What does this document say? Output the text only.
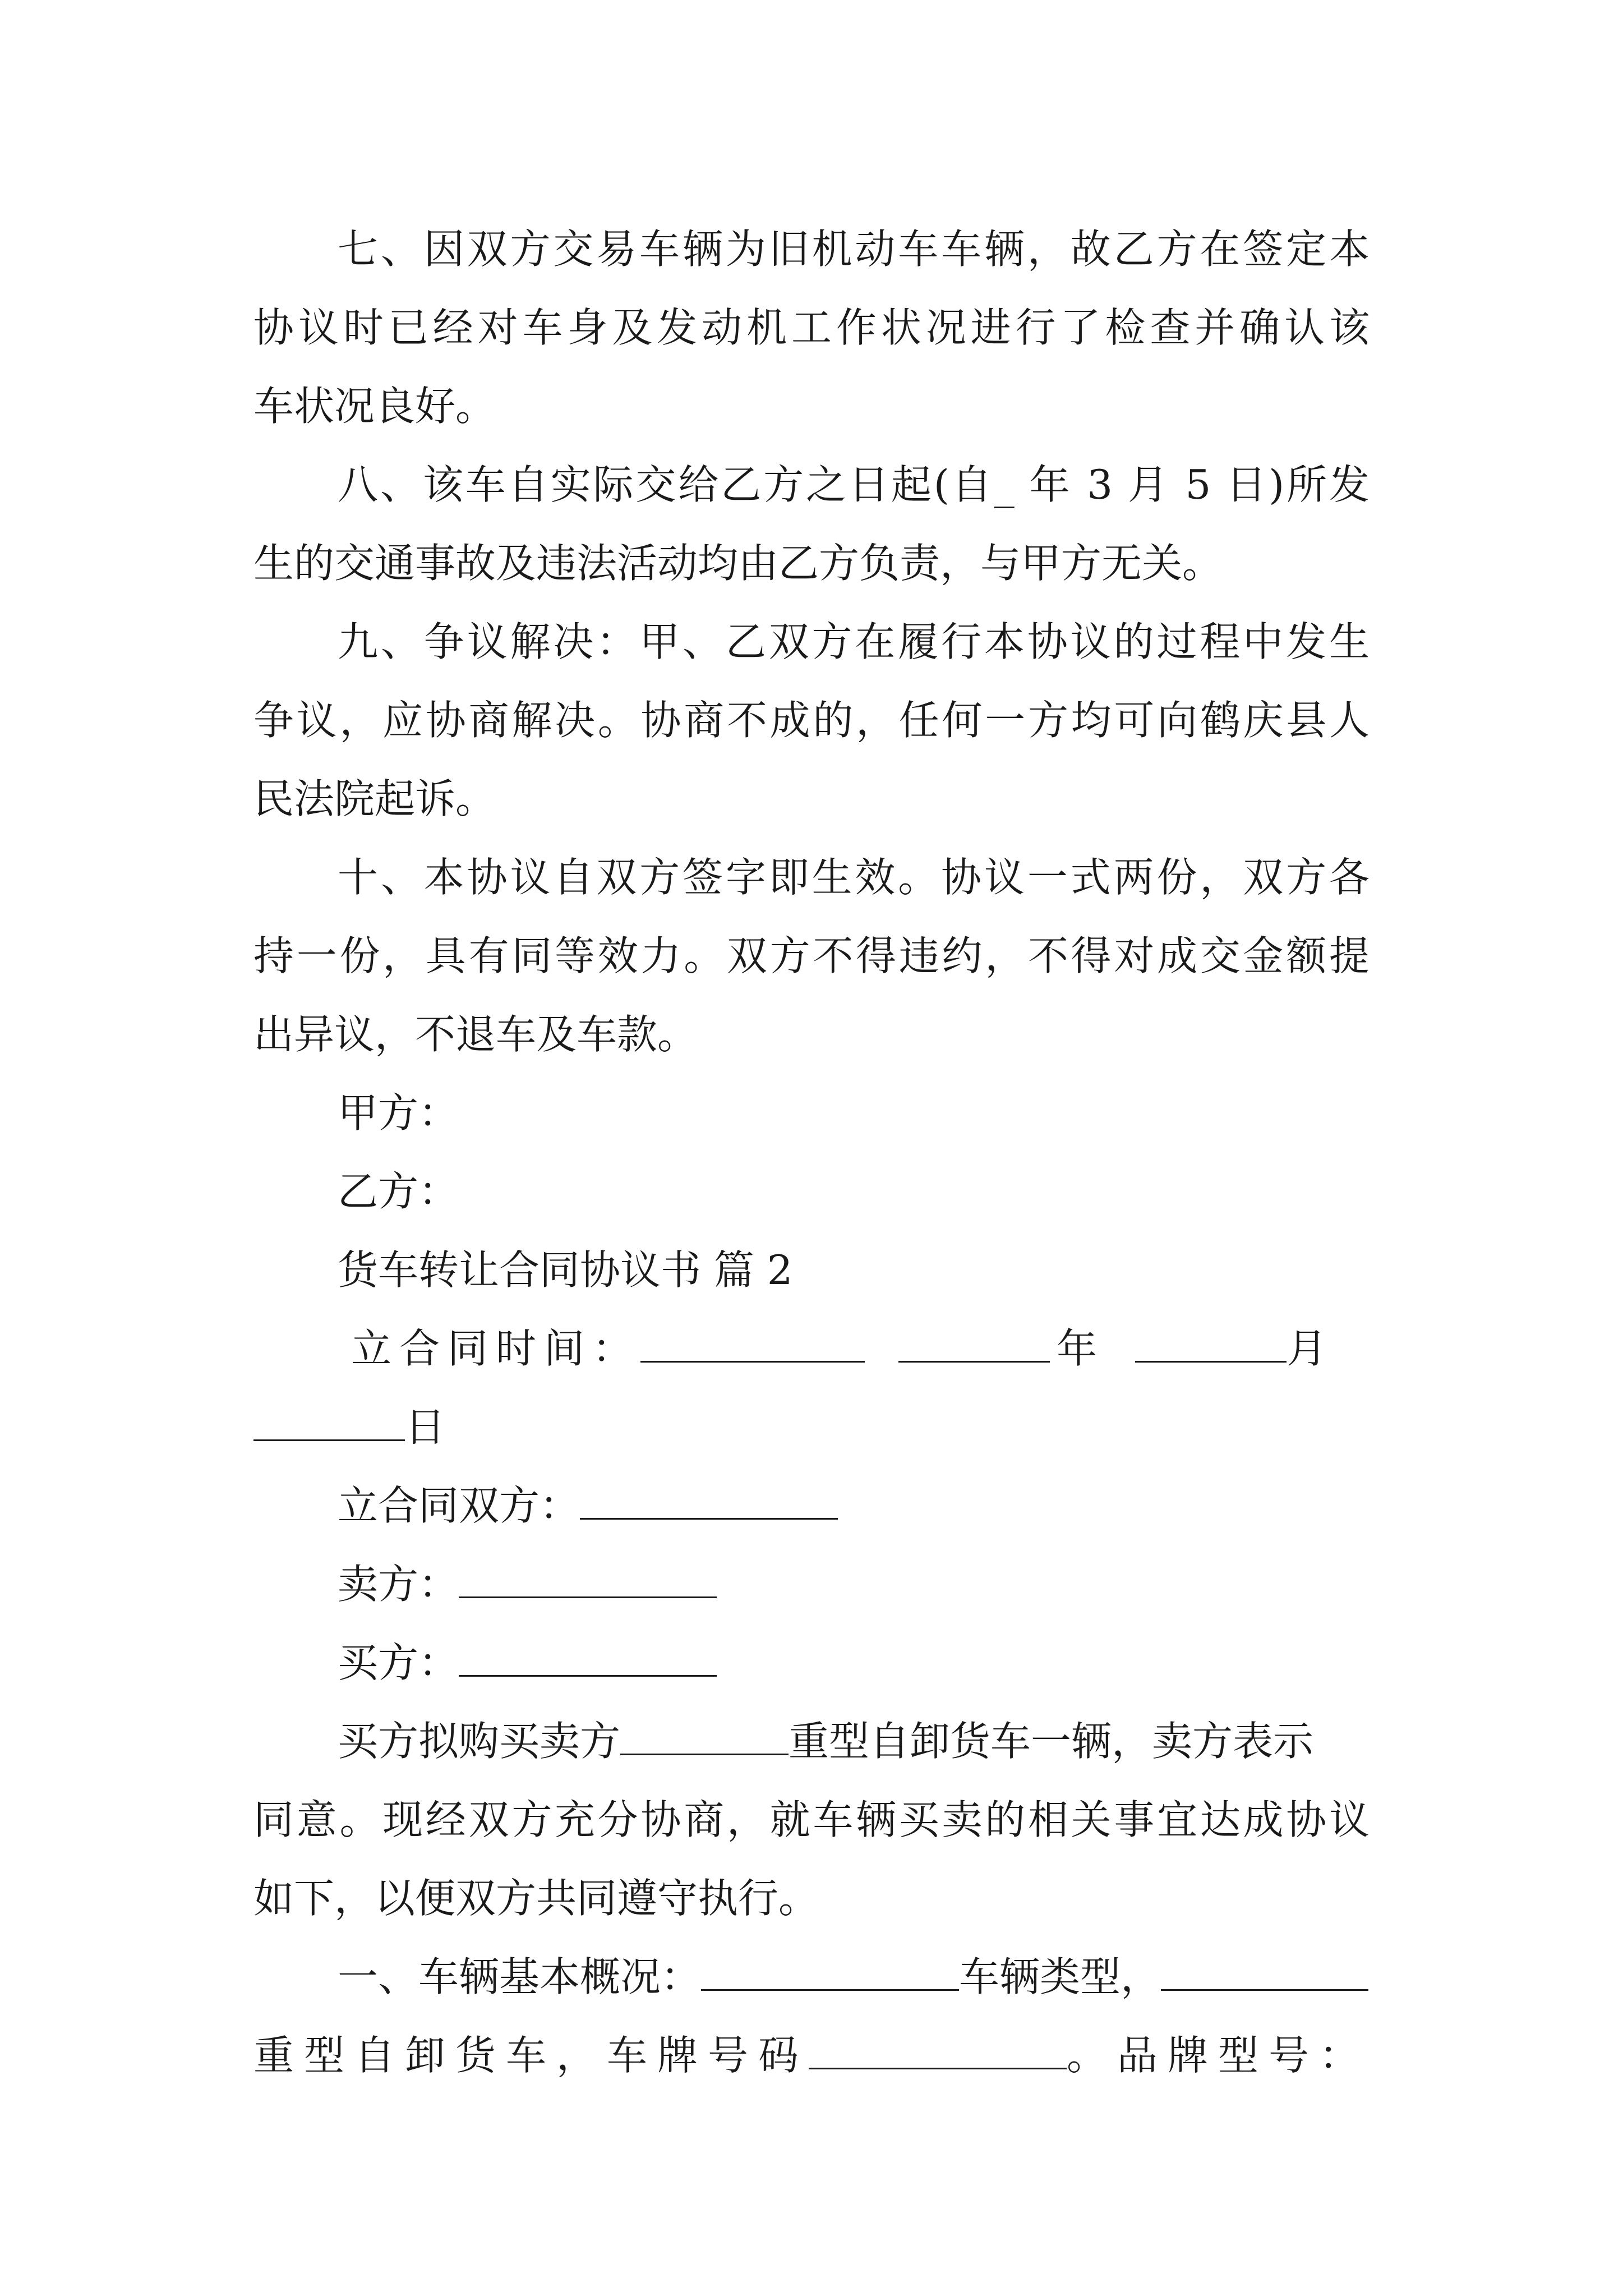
七、因双方交易车辆为旧机动车车辆，故乙方在签定本
协议时已经对车身及发动机工作状况进行了检查并确认该
车状况良好。
八、该车自实际交给乙方之日起(自_ 年 3 月 5 日)所发
生的交通事故及违法活动均由乙方负责，与甲方无关。
九、争议解决：甲、乙双方在履行本协议的过程中发生
争议，应协商解决。协商不成的，任何一方均可向鹤庆县人
民法院起诉。
十、本协议自双方签字即生效。协议一式两份，双方各
持一份，具有同等效力。双方不得违约，不得对成交金额提
出异议，不退车及车款。
甲方：
乙方：
货车转让合同协议书 篇 2
立合同时间：	年	月
日
立合同双方：
卖方：
买方：
买方拟购买卖方	重型自卸货车一辆，卖方表示
同意。现经双方充分协商，就车辆买卖的相关事宜达成协议
如下，以便双方共同遵守执行。
一、车辆基本概况：	车辆类型，
重型自卸货车，车牌号码	。品牌型号：
